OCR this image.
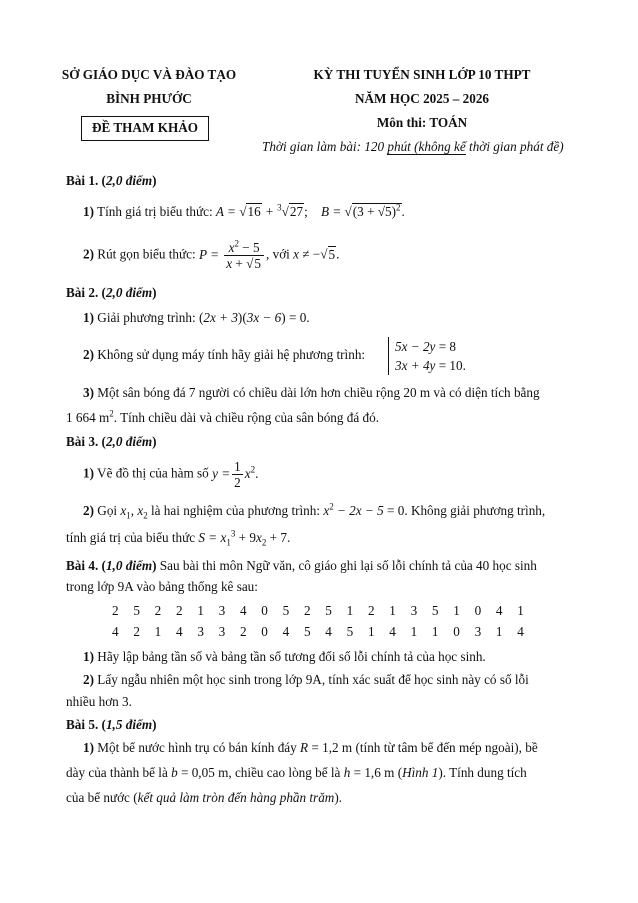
SỞ GIÁO DỤC VÀ ĐÀO TẠO
BÌNH PHƯỚC
ĐỀ THAM KHẢO
KỲ THI TUYỂN SINH LỚP 10 THPT
NĂM HỌC 2025 – 2026
Môn thi: TOÁN
Thời gian làm bài: 120 phút (không kể thời gian phát đề)
Bài 1. (2,0 điểm)
1) Tính giá trị biểu thức: A = √16 + $^3$√27;    $B = √(3 + √5)^2$.
2) Rút gọn biểu thức: $P = \frac{x^2 - 5}{x + √5}$ , với x ≠ −√5.
Bài 2. (2,0 điểm)
1) Giải phương trình: (2x + 3)(3x − 6) = 0.
2) Không sử dụng máy tính hãy giải hệ phương trình:
5x − 2y = 8
3x + 4y = 10.
3) Một sân bóng đá 7 người có chiều dài lớn hơn chiều rộng 20 m và có diện tích bằng
1 664 $m^2$. Tính chiều dài và chiều rộng của sân bóng đá đó.
Bài 3. (2,0 điểm)
1) Vẽ đồ thị của hàm số $y = \frac{1}{2} x^2$.
2) Gọi $x_1$, $x_2$ là hai nghiệm của phương trình: $x^2 - 2x - 5 = 0$. Không giải phương trình,
tính giá trị của biểu thức $S = x_1^3 + 9x_2 + 7$.
Bài 4. (1,0 điểm) Sau bài thi môn Ngữ văn, cô giáo ghi lại số lỗi chính tả của 40 học sinh
trong lớp 9A vào bảng thống kê sau:
2 5 2 2 1 3 4 0 5 2 5 1 2 1 3 5 1 0 4 1
4 2 1 4 3 3 2 0 4 5 4 5 1 4 1 1 0 3 1 4
1) Hãy lập bảng tần số và bảng tần số tương đối số lỗi chính tả của học sinh.
2) Lấy ngẫu nhiên một học sinh trong lớp 9A, tính xác suất để học sinh này có số lỗi
nhiều hơn 3.
Bài 5. (1,5 điểm)
1) Một bể nước hình trụ có bán kính đáy R = 1,2 m (tính từ tâm bể đến mép ngoài), bề
dày của thành bể là b = 0,05 m, chiều cao lòng bể là h = 1,6 m (Hình 1). Tính dung tích
của bể nước (kết quả làm tròn đến hàng phần trăm).
